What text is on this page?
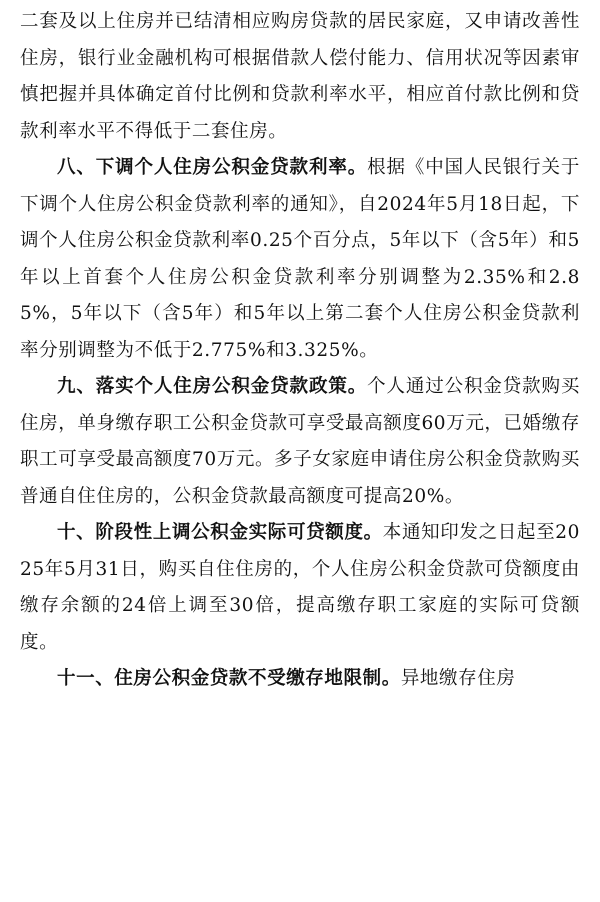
二套及以上住房并已结清相应购房贷款的居民家庭，又申请改善性住房，银行业金融机构可根据借款人偿付能力、信用状况等因素审慎把握并具体确定首付比例和贷款利率水平，相应首付款比例和贷款利率水平不得低于二套住房。

八、下调个人住房公积金贷款利率。根据《中国人民银行关于下调个人住房公积金贷款利率的通知》，自2024年5月18日起，下调个人住房公积金贷款利率0.25个百分点，5年以下（含5年）和5年以上首套个人住房公积金贷款利率分别调整为2.35%和2.85%，5年以下（含5年）和5年以上第二套个人住房公积金贷款利率分别调整为不低于2.775%和3.325%。

九、落实个人住房公积金贷款政策。个人通过公积金贷款购买住房，单身缴存职工公积金贷款可享受最高额度60万元，已婚缴存职工可享受最高额度70万元。多子女家庭申请住房公积金贷款购买普通自住住房的，公积金贷款最高额度可提高20%。

十、阶段性上调公积金实际可贷额度。本通知印发之日起至2025年5月31日，购买自住住房的，个人住房公积金贷款可贷额度由缴存余额的24倍上调至30倍，提高缴存职工家庭的实际可贷额度。

十一、住房公积金贷款不受缴存地限制。异地缴存住房
